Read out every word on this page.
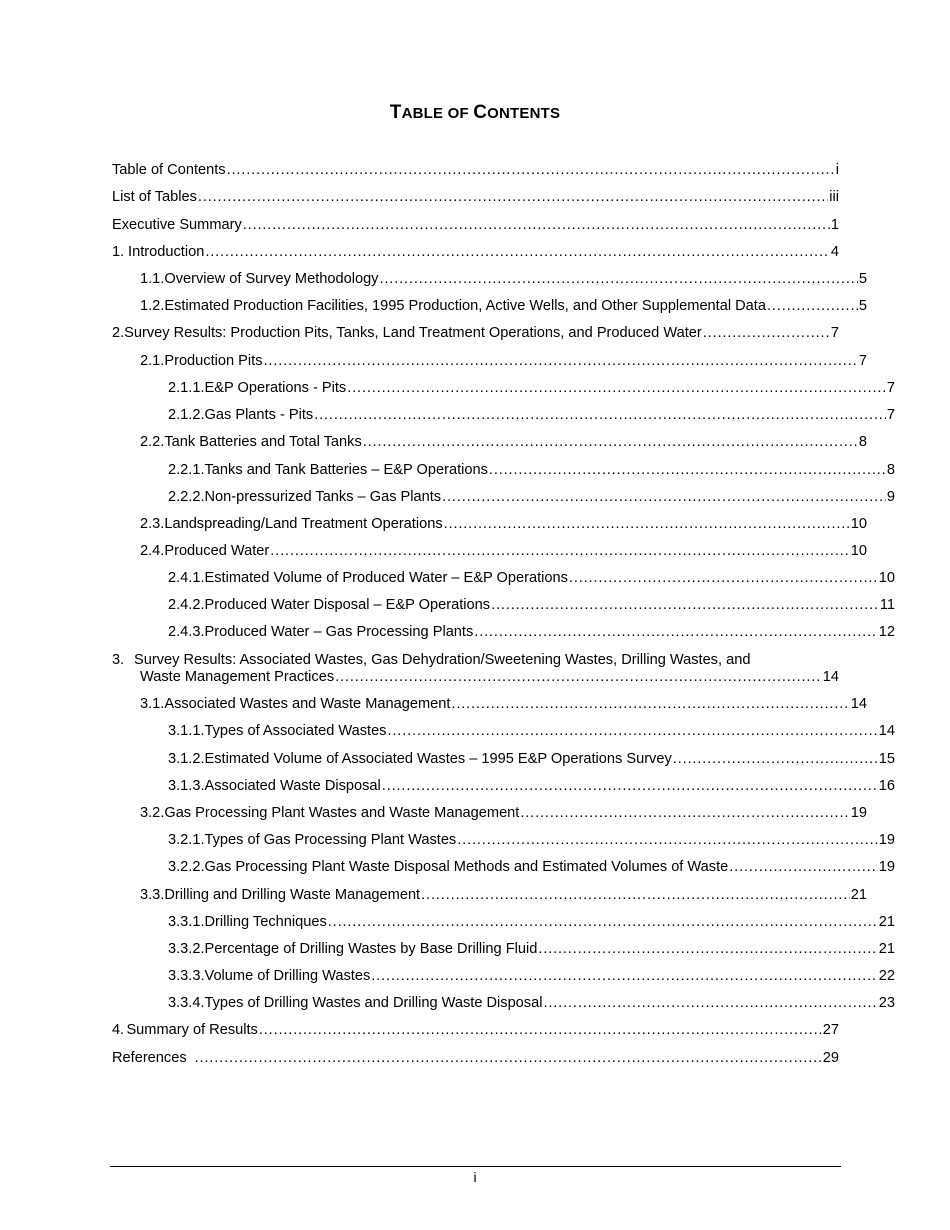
TABLE OF CONTENTS
Table of Contents . . .	i
List of Tables . . .	iii
Executive Summary . . .	1
1. Introduction . . .	4
1.1. Overview of Survey Methodology . . .	5
1.2. Estimated Production Facilities, 1995 Production, Active Wells, and Other Supplemental Data . . .	5
2. Survey Results: Production Pits, Tanks, Land Treatment Operations, and Produced Water . . .	7
2.1. Production Pits . . .	7
2.1.1. E&P Operations - Pits . . .	7
2.1.2. Gas Plants - Pits . . .	7
2.2. Tank Batteries and Total Tanks . . .	8
2.2.1. Tanks and Tank Batteries – E&P Operations . . .	8
2.2.2. Non-pressurized Tanks – Gas Plants . . .	9
2.3. Landspreading/Land Treatment Operations . . .	10
2.4. Produced Water . . .	10
2.4.1. Estimated Volume of Produced Water – E&P Operations . . .	10
2.4.2. Produced Water Disposal – E&P Operations . . .	11
2.4.3. Produced Water – Gas Processing Plants . . .	12
3. Survey Results: Associated Wastes, Gas Dehydration/Sweetening Wastes, Drilling Wastes, and
Waste Management Practices . . .	14
3.1. Associated Wastes and Waste Management . . .	14
3.1.1. Types of Associated Wastes . . .	14
3.1.2. Estimated Volume of Associated Wastes – 1995 E&P Operations Survey . . .	15
3.1.3. Associated Waste Disposal . . .	16
3.2. Gas Processing Plant Wastes and Waste Management . . .	19
3.2.1. Types of Gas Processing Plant Wastes . . .	19
3.2.2. Gas Processing Plant Waste Disposal Methods and Estimated Volumes of Waste . . .	19
3.3. Drilling and Drilling Waste Management . . .	21
3.3.1. Drilling Techniques . . .	21
3.3.2. Percentage of Drilling Wastes by Base Drilling Fluid . . .	21
3.3.3. Volume of Drilling Wastes . . .	22
3.3.4. Types of Drilling Wastes and Drilling Waste Disposal . . .	23
4. Summary of Results . . .	27
References . . .	29
i
